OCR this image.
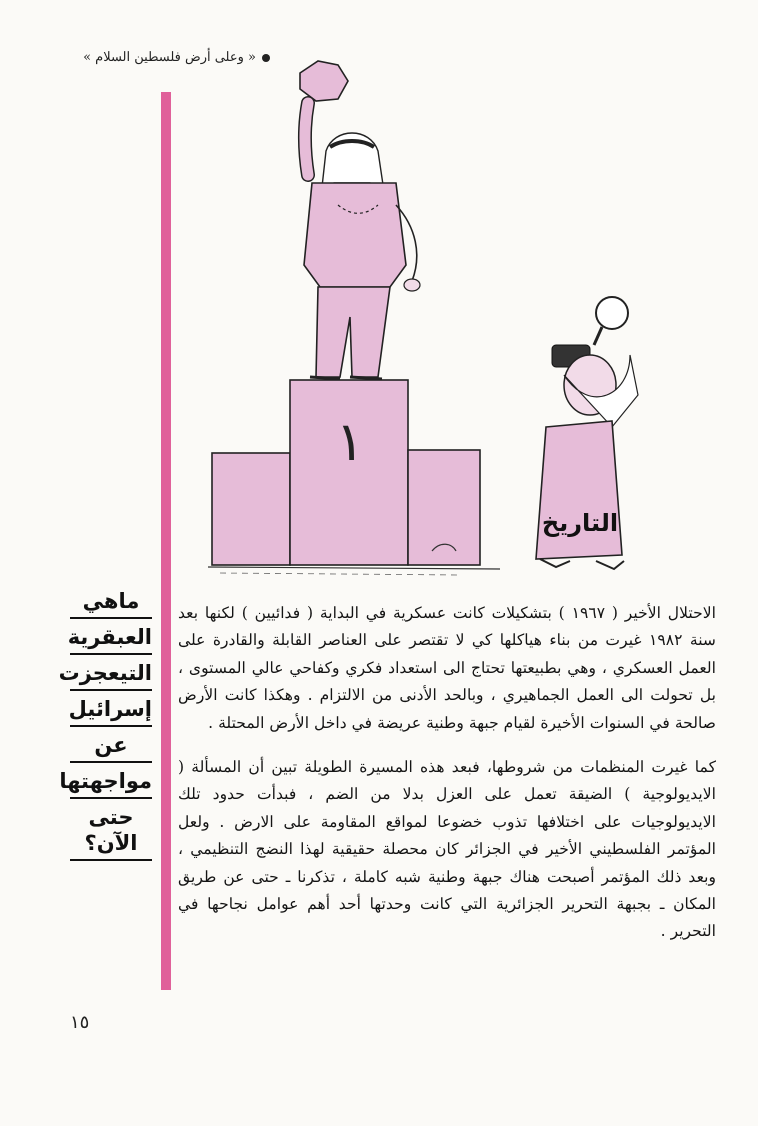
« وعلى أرض فلسطين السلام »
١
التاريخ
ماهي
العبقرية
التيعجزت
إسرائيل
عن
مواجهتها
حتى الآن؟

الاحتلال الأخير ( ١٩٦٧ ) بتشكيلات كانت عسكرية في البداية ( فدائيين ) لكنها بعد سنة ١٩٨٢ غيرت من بناء هياكلها كي لا تقتصر على العناصر القابلة والقادرة على العمل العسكري ، وهي بطبيعتها تحتاج الى استعداد فكري وكفاحي عالي المستوى ، بل تحولت الى العمل الجماهيري ، وبالحد الأدنى من الالتزام . وهكذا كانت الأرض صالحة في السنوات الأخيرة لقيام جبهة وطنية عريضة في داخل الأرض المحتلة .

كما غيرت المنظمات من شروطها، فبعد هذه المسيرة الطويلة تبين أن المسألة ( الايديولوجية ) الضيقة تعمل على العزل بدلا من الضم ، فبدأت حدود تلك الايديولوجيات على اختلافها تذوب خضوعا لمواقع المقاومة على الارض . ولعل المؤتمر الفلسطيني الأخير في الجزائر كان محصلة حقيقية لهذا النضج التنظيمي ، وبعد ذلك المؤتمر أصبحت هناك جبهة وطنية شبه كاملة ، تذكرنا ـ حتى عن طريق المكان ـ بجبهة التحرير الجزائرية التي كانت وحدتها أحد أهم عوامل نجاحها في التحرير .

١٥
